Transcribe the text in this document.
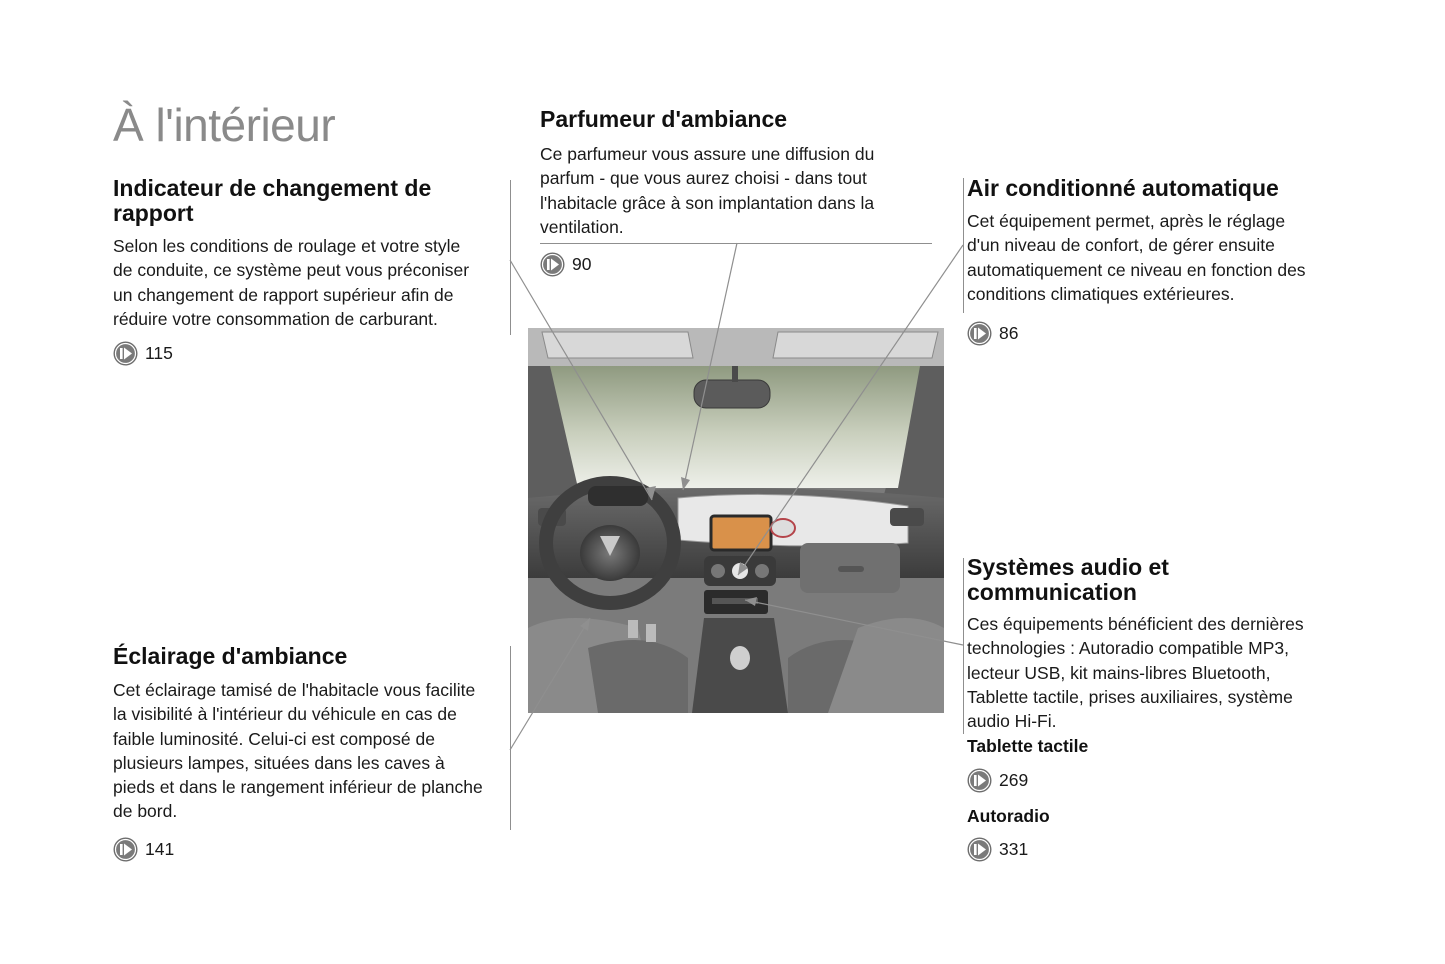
À l'intérieur
Indicateur de changement de rapport
Selon les conditions de roulage et votre style
de conduite, ce système peut vous préconiser
un changement de rapport supérieur afin de
réduire votre consommation de carburant.
115
Parfumeur d'ambiance
Ce parfumeur vous assure une diffusion du
parfum - que vous aurez choisi - dans tout
l'habitacle grâce à son implantation dans la
ventilation.
90
Air conditionné automatique
Cet équipement permet, après le réglage
d'un niveau de confort, de gérer ensuite
automatiquement ce niveau en fonction des
conditions climatiques extérieures.
86
Éclairage d'ambiance
Cet éclairage tamisé de l'habitacle vous facilite
la visibilité à l'intérieur du véhicule en cas de
faible luminosité. Celui-ci est composé de
plusieurs lampes, situées dans les caves à
pieds et dans le rangement inférieur de planche
de bord.
141
Systèmes audio et
communication
Ces équipements bénéficient des dernières
technologies : Autoradio compatible MP3,
lecteur USB, kit mains-libres Bluetooth,
Tablette tactile, prises auxiliaires, système
audio Hi-Fi.
Tablette tactile
269
Autoradio
331
